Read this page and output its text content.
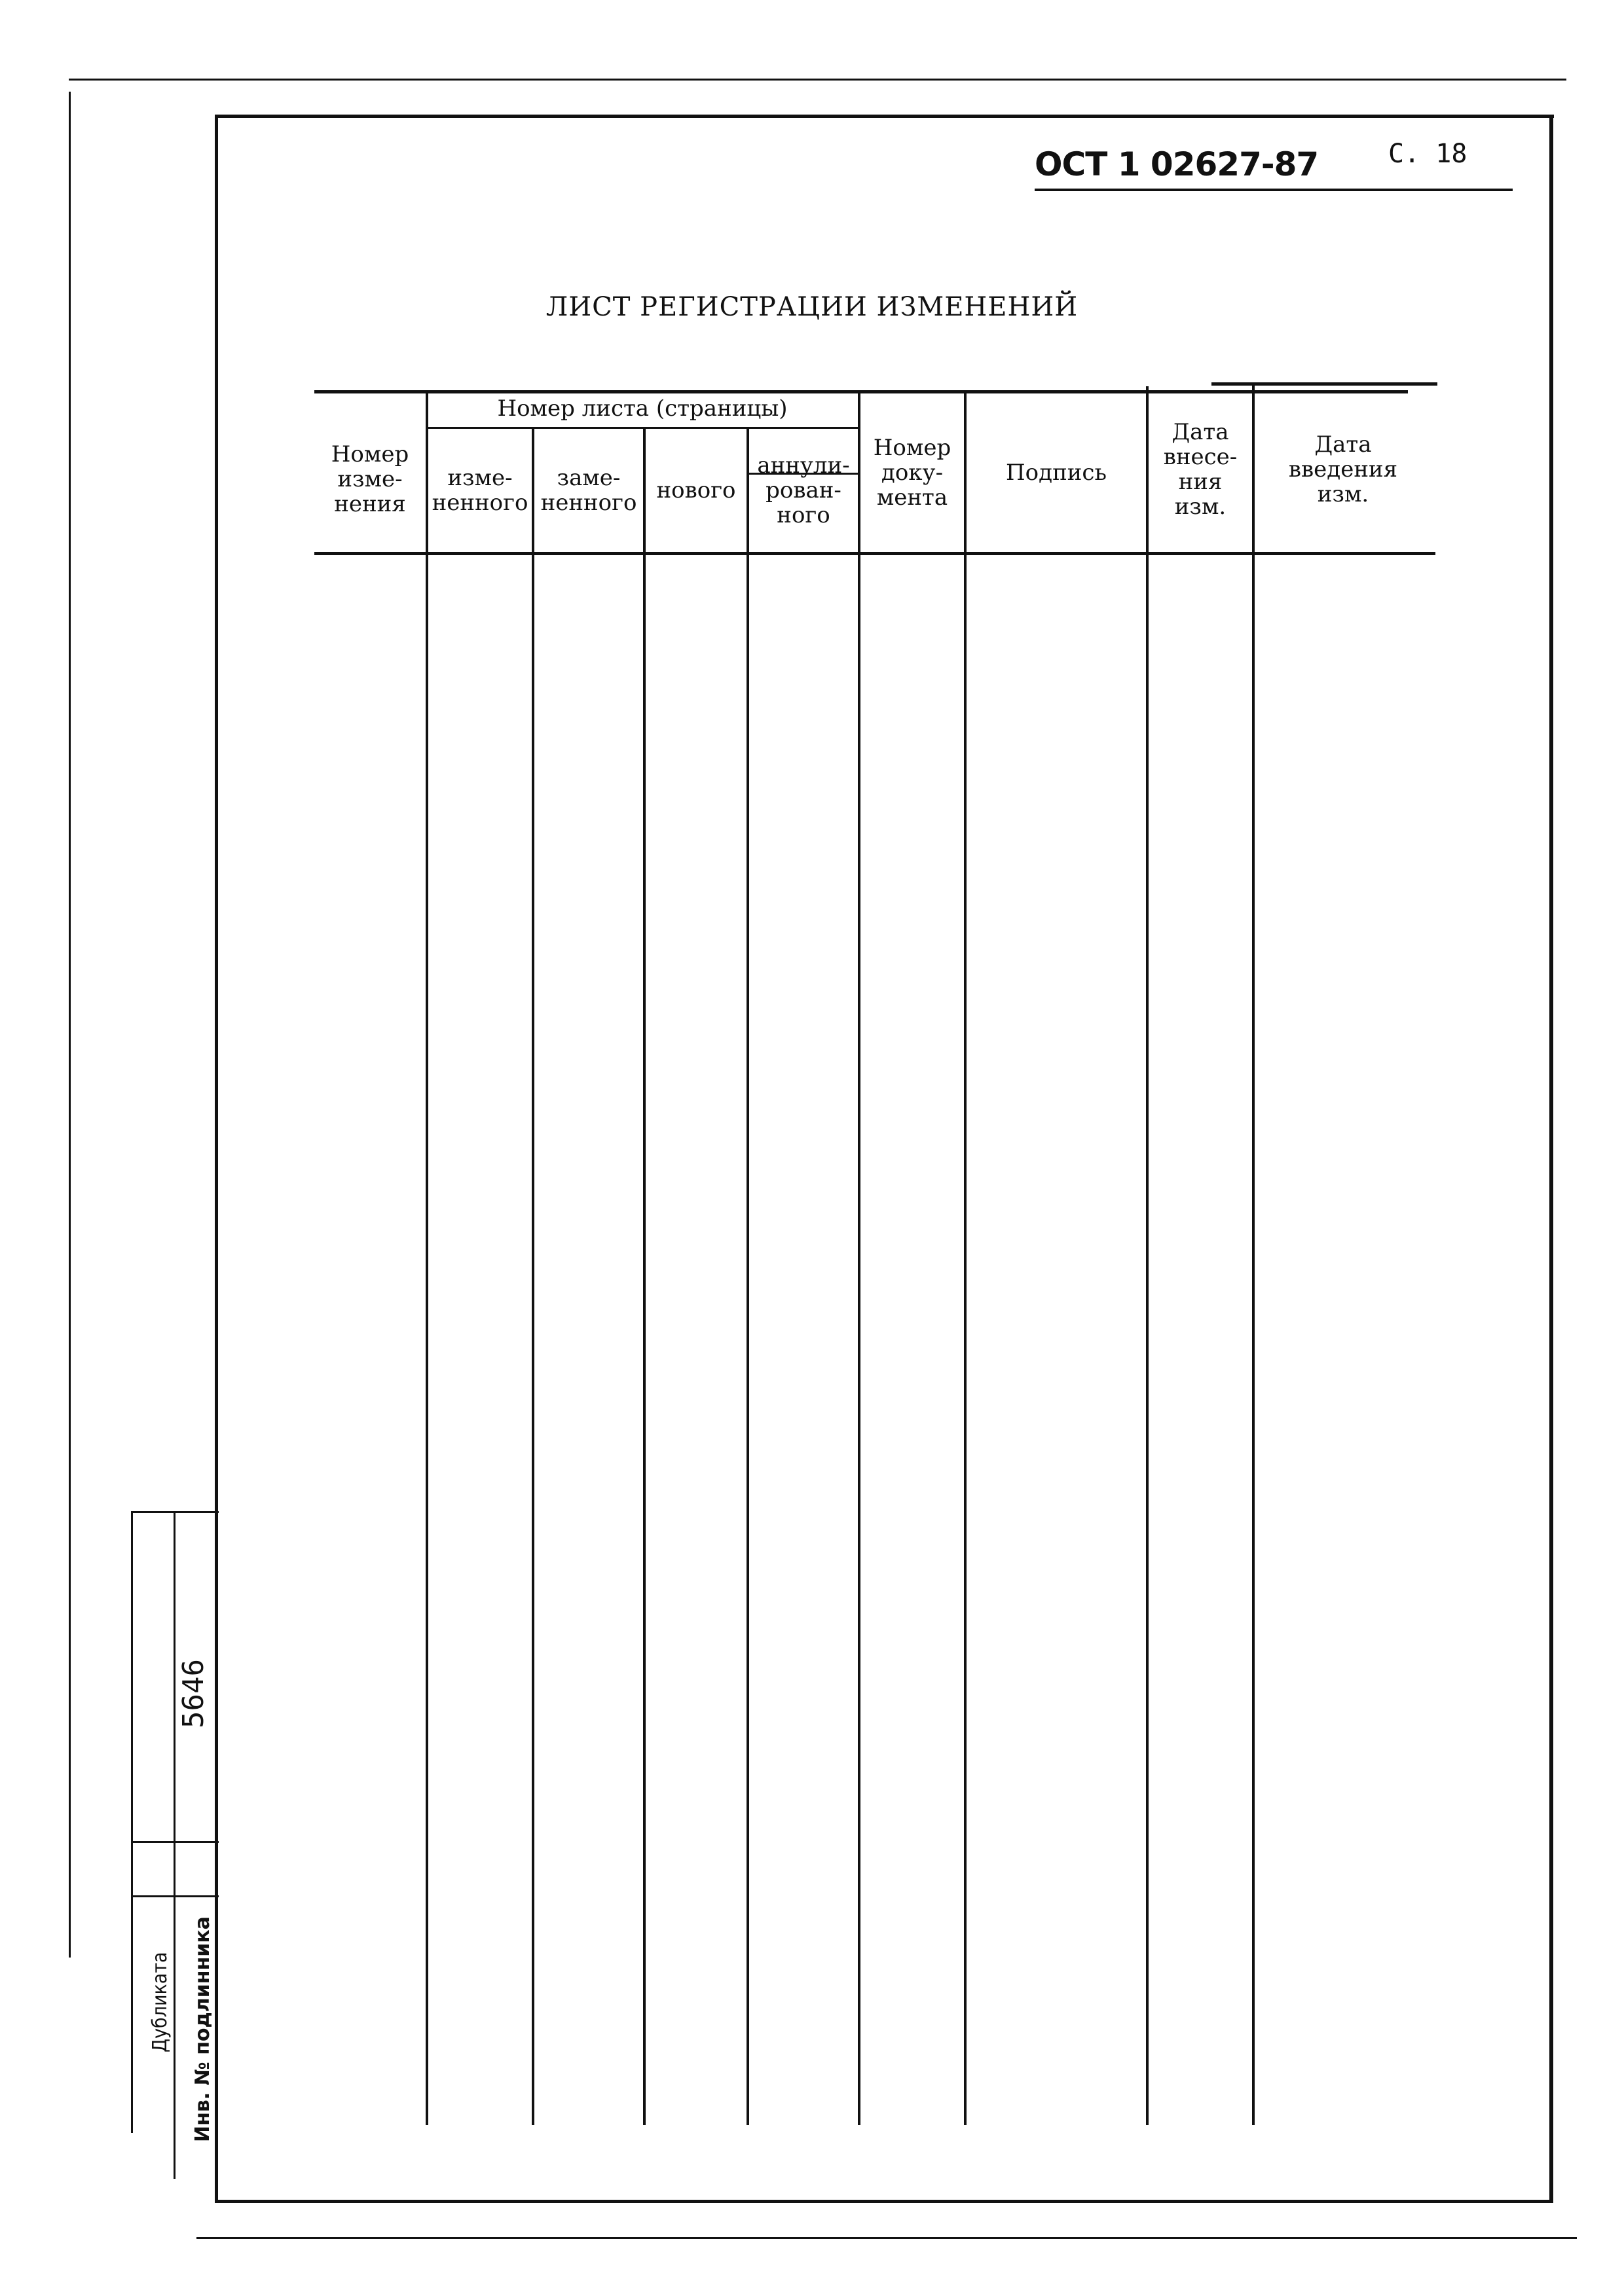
ОСТ 1 02627-87	С. 18
ЛИСТ РЕГИСТРАЦИИ ИЗМЕНЕНИЙ
Номер листа (страницы)
Номер
изме-
нения
изме-
ненного
заме-
ненного нового
аннули-
рован-
ного
Номер
доку-
мента
Подпись
Дата
внесе-
ния
изм.
Дата
введения
изм.
5646
Дубликата Инв. № подлинника
